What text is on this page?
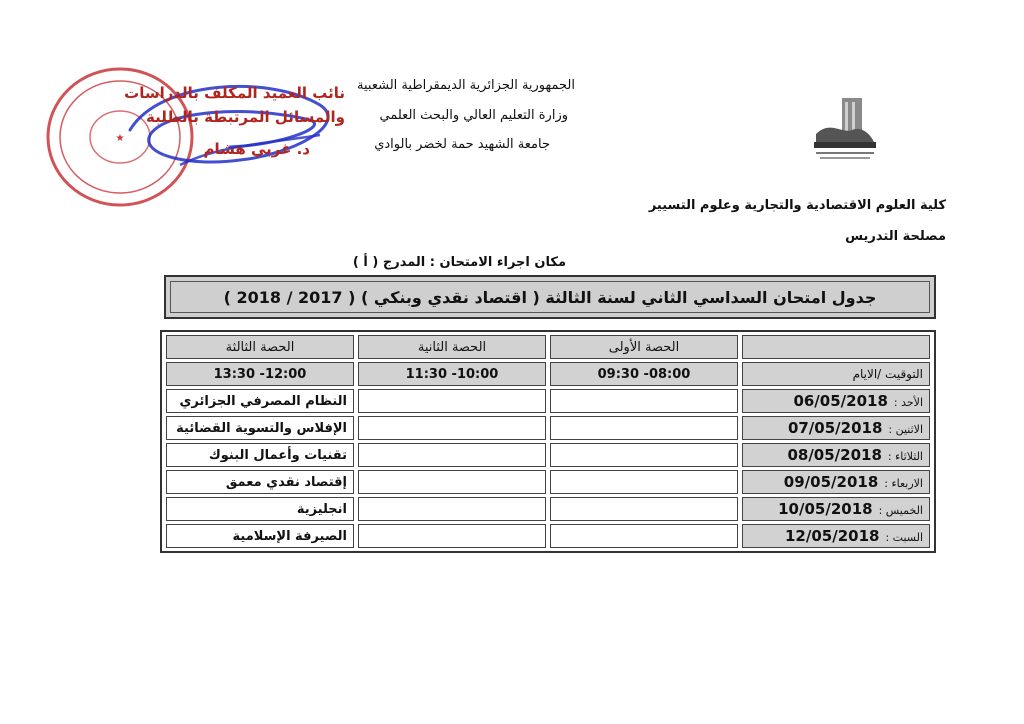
★
نائب العميد المكلف بالدراسات
والمسائل المرتبطة بالطلبة
د. غربي هشام
الجمهورية الجزائرية الديمقراطية الشعبية
وزارة التعليم العالي والبحث العلمي
جامعة الشهيد حمة لخضر بالوادي
كلية العلوم الاقتصادية والتجارية وعلوم التسيير
مصلحة التدريس
مكان اجراء الامتحان : المدرج ( أ )
جدول امتحان السداسي الثاني لسنة الثالثة ( اقتصاد نقدي وبنكي ) ( 2017 / 2018 )
	الحصة الأولى	الحصة الثانية	الحصة الثالثة
التوقيت /الايام	08:00- 09:30	10:00- 11:30	12:00- 13:30
الأحد :06/05/2018			النظام المصرفي الجزائري
الاثنين :07/05/2018			الإفلاس والتسوية القضائية
الثلاثاء :08/05/2018			تقنيات وأعمال البنوك
الاربعاء :09/05/2018			إقتصاد نقدي معمق
الخميس :10/05/2018			انجليزية
السبت :12/05/2018			الصيرفة الإسلامية
